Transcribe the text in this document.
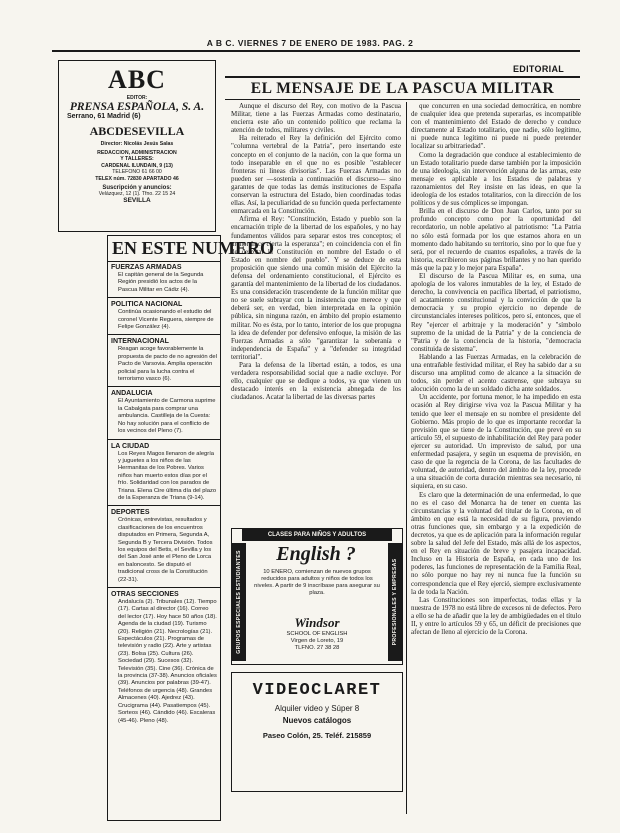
A B C. VIERNES 7 DE ENERO DE 1983. PAG. 2
ABC
EDITOR:
PRENSA ESPAÑOLA, S. A.
Serrano, 61 Madrid (6)
ABCDESEVILLA
Director: Nicolás Jesús Salas
REDACCION, ADMINISTRACION
Y TALLERES:
CARDENAL ILUNDAIN, 9 (13)
TELEFONO 61 66 00
TELEX núm. 72830 APARTADO 46
Suscripción y anuncios:
Velázquez, 12 (1). Tfno. 22 15 24
SEVILLA
EN ESTE NUMERO
FUERZAS ARMADAS
El capitán general de la Segunda Región presidió los actos de la Pascua Militar en Cádiz (4).
POLITICA NACIONAL
Continúa ocasionando el estudio del coronel Vicente Reguera, siempre de Felipe González (4).
INTERNACIONAL
Reagan acoge favorablemente la propuesta de pacto de no agresión del Pacto de Varsovia. Amplia operación policial para la lucha contra el terrorismo vasco (6).
ANDALUCIA
El Ayuntamiento de Carmona suprime la Cabalgata para comprar una ambulancia. Castilleja de la Cuesta: No hay solución para el conflicto de los vecinos del Pleno (7).
LA CIUDAD
Los Reyes Magos llenaron de alegría y juguetes a los niños de las Hermanitas de los Pobres. Varios niños han muerto estos días por el frío. Solidaridad con los parados de Triana. Elena Cire última día del plazo de la Esperanza de Triana (9-14).
DEPORTES
Crónicas, entrevistas, resultados y clasificaciones de los encuentros disputados en Primera, Segunda A, Segunda B y Tercera División. Todos los equipos del Betis, el Sevilla y los del San José ante el Pleno de Lorca en baloncesto. Se disputó el tradicional cross de la Constitución (22-31).
OTRAS SECCIONES
Andalucía (2). Tribunales (12). Tiempo (17). Cartas al director (16). Correo del lector (17). Hoy hace 50 años (18). Agenda de la ciudad (19). Turismo (20). Religión (21). Necrologías (21). Espectáculos (21). Programas de televisión y radio (22). Arte y artistas (23). Bolsa (25). Cultura (26). Sociedad (29). Sucesos (32). Televisión (35). Cine (36). Crónica de la provincia (37-38). Anuncios oficiales (39). Anuncios por palabras (39-47). Teléfonos de urgencia (48). Grandes Almacenes (40). Ajedrez (43). Crucigrama (44). Pasatiempos (45). Sorteos (46). Cándido (46). Escaleras (45-46). Pleno (48).
EDITORIAL
EL MENSAJE DE LA PASCUA MILITAR

Aunque el discurso del Rey, con motivo de la Pascua Militar, tiene a las Fuerzas Armadas como destinatario, encierra este año un contenido político que reclama la atención de todos, militares y civiles.

Ha reiterado el Rey la definición del Ejército como "columna vertebral de la Patria", pero insertando este concepto en el conjunto de la nación, con la que forma un todo inseparable en el que no es posible "establecer fronteras ni lineas divisorias". Las Fuerzas Armadas no pueden ser —sostenía a continuación el discurso— sino garantes de que todas las demás instituciones de España conservan la estructura del Estado, bien coordinadas todas ellas. Así, la peculiaridad de su función queda perfectamente enmarcada en la Constitución.

Afirma el Rey: "Constitución, Estado y pueblo son la encarnación triple de la libertad de los españoles, y no hay fundamentos válidos para separar estos tres conceptos; el menor hace cierta la esperanza"; en coincidencia con el fin de derrotar la Constitución en nombre del Estado o el Estado en nombre del pueblo". Y se deduce de esta proposición que siendo una común misión del Ejército la defensa del ordenamiento constitucional, el Ejército es garantía del mantenimiento de la libertad de los ciudadanos. Es una consideración trascendente de la función militar que no se suele subrayar con la insistencia que merece y que deberá ser, en verdad, bien interpretada en la opinión pública, sin ninguna razón, en ámbito del propio estamento militar. No es ésta, por lo tanto, interior de los que propugna la idea de defender por defensivo enfoque, la misión de las Fuerzas Armadas a sólo "garantizar la soberanía e independencia de España" y a "defender su integridad territorial".

Para la defensa de la libertad están, a todos, es una verdadera responsabilidad social que a nadie excluye. Por ello, cualquier que se dedique a todos, ya que vienen un destacado interés en la existencia abnegada de los ciudadanos. Acatar la libertad de las diversas partes

que concurren en una sociedad democrática, en nombre de cualquier idea que pretenda superarlas, es incompatible con el mantenimiento del Estado de derecho y conduce directamente al Estado totalitario, que nadie, sólo legítimo, ni puede nunca legítimo ni puede ni puede pretender localizar su arbitrariedad".

Como la degradación que conduce al establecimiento de un Estado totalitario puede darse también por la imposición de una ideología, sin intervención alguna de las armas, este mensaje es aplicable a los Estados de palabras y razonamientos del Rey insiste en las ideas, en que la ideología de los estados totalitarios, con la dirección de los políticos y de sus cómplices se impongan.

Brilla en el discurso de Don Juan Carlos, tanto por su profundo concepto como por la oportunidad del recordatorio, un noble apelativo al patriotismo: "La Patria no sólo está formada por los que estamos ahora en un momento dado habitando su territorio, sino por lo que fue y será, por el recuerdo de cuantos españoles, a través de la historia, escribieron sus páginas brillantes y no han querido más que la paz y lo mejor para España".

El discurso de la Pascua Militar es, en suma, una apología de los valores inmutables de la ley, el Estado de derecho, la convivencia en pacífica libertad, el patriotismo, el acatamiento constitucional y la convicción de que la democracia y su propio ejercicio no depende de circunstanciales intereses políticos, pero sí, entonces, que el Rey "ejercer el arbitraje y la moderación" y "símbolo supremo de la unidad de la Patria" y de la conciencia de "Patria y de la conciencia de la historia, "democracia constituida de sistema".

Hablando a las Fuerzas Armadas, en la celebración de una entrañable festividad militar, el Rey ha sabido dar a su discurso una amplitud como de alcance a la situación de todos, sin perder el acento castrense, que subraya su alocución como la de un soldado dicha ante soldados.

Un accidente, por fortuna menor, le ha impedido en esta ocasión al Rey dirigirse viva voz la Pascua Militar y ha tenido que leer el mensaje en su nombre el presidente del Gobierno. Más propio de lo que es importante recordar la previsión que se tiene de la Constitución, que prevé en su artículo 59, el supuesto de inhabilitación del Rey para poder ejercer su autoridad. Un imprevisto de salud, por una enfermedad pasajera, y según un esquema de previsión, en caso de que la regencia de la Corona, de las facultades de voluntad, de autoridad, dentro del ámbito de la ley, procede a una situación de corta duración mientras sea necesario, ni siquiera, en su caso.

Es claro que la determinación de una enfermedad, lo que no es el caso del Monarca ha de tener en cuenta las circunstancias y la voluntad del titular de la Corona, en el ámbito en que está la necesidad de su figura, previendo otras funciones que, sin embargo y a la expedición de decretos, ya que es de aplicación para la información regular sobre la salud del Jefe del Estado, más allá de los aspectos, en el Rey en situación de breve y pasajera incapacidad. Incluso en la Historia de España, en cada uno de los poderes, las funciones de representación de la Familia Real, no sólo porque no hay rey ni nunca fue la función su correspondencia que el Rey ejerció, siempre exclusivamente la de toda la Nación.

Las Constituciones son imperfectas, todas ellas y la nuestra de 1978 no está libre de excesos ni de defectos. Pero a ello se ha de añadir que la ley de ambigüedades en el título II, y entre lo artículos 59 y 65, un déficit de precisiones que afectan de lleno al ejercicio de la Corona.

CLASES PARA NIÑOS Y ADULTOS
GRUPOS ESPECIALES ESTUDIANTES	PROFESIONALES Y EMPRESAS
English ?
10 ENERO, comienzan de nuevos grupos reducidos para adultos y niños de todos los niveles. A partir de 9 inscríbase para asegurar su plaza.
Windsor
SCHOOL OF ENGLISH
Virgen de Loreto, 19
TLFNO. 27 38 28
VIDEOCLARET
Alquiler video y Súper 8
Nuevos catálogos
Paseo Colón, 25. Teléf. 215859
